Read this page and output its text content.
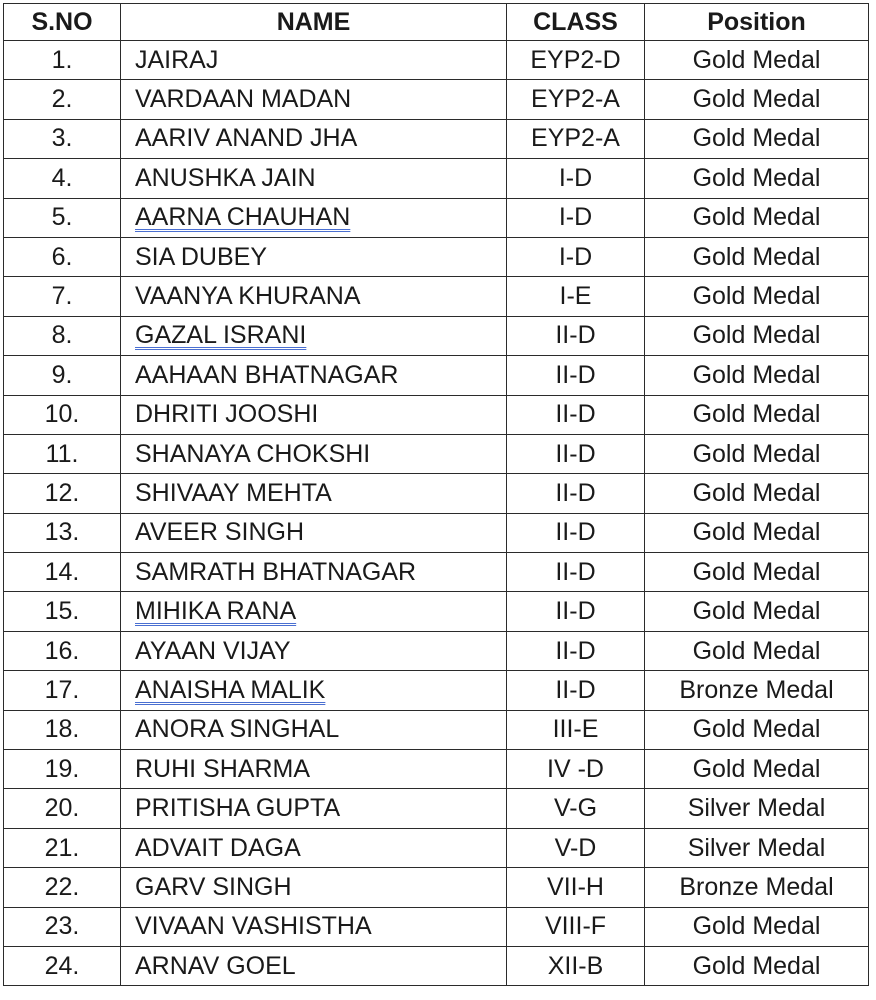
S.NO	NAME	CLASS	Position
1.	JAIRAJ	EYP2-D	Gold Medal
2.	VARDAAN MADAN	EYP2-A	Gold Medal
3.	AARIV ANAND JHA	EYP2-A	Gold Medal
4.	ANUSHKA JAIN	I-D	Gold Medal
5.	AARNA CHAUHAN	I-D	Gold Medal
6.	SIA DUBEY	I-D	Gold Medal
7.	VAANYA KHURANA	I-E	Gold Medal
8.	GAZAL ISRANI	II-D	Gold Medal
9.	AAHAAN BHATNAGAR	II-D	Gold Medal
10.	DHRITI JOOSHI	II-D	Gold Medal
11.	SHANAYA CHOKSHI	II-D	Gold Medal
12.	SHIVAAY MEHTA	II-D	Gold Medal
13.	AVEER SINGH	II-D	Gold Medal
14.	SAMRATH BHATNAGAR	II-D	Gold Medal
15.	MIHIKA RANA	II-D	Gold Medal
16.	AYAAN VIJAY	II-D	Gold Medal
17.	ANAISHA MALIK	II-D	Bronze Medal
18.	ANORA SINGHAL	III-E	Gold Medal
19.	RUHI SHARMA	IV -D	Gold Medal
20.	PRITISHA GUPTA	V-G	Silver Medal
21.	ADVAIT DAGA	V-D	Silver Medal
22.	GARV SINGH	VII-H	Bronze Medal
23.	VIVAAN VASHISTHA	VIII-F	Gold Medal
24.	ARNAV GOEL	XII-B	Gold Medal
